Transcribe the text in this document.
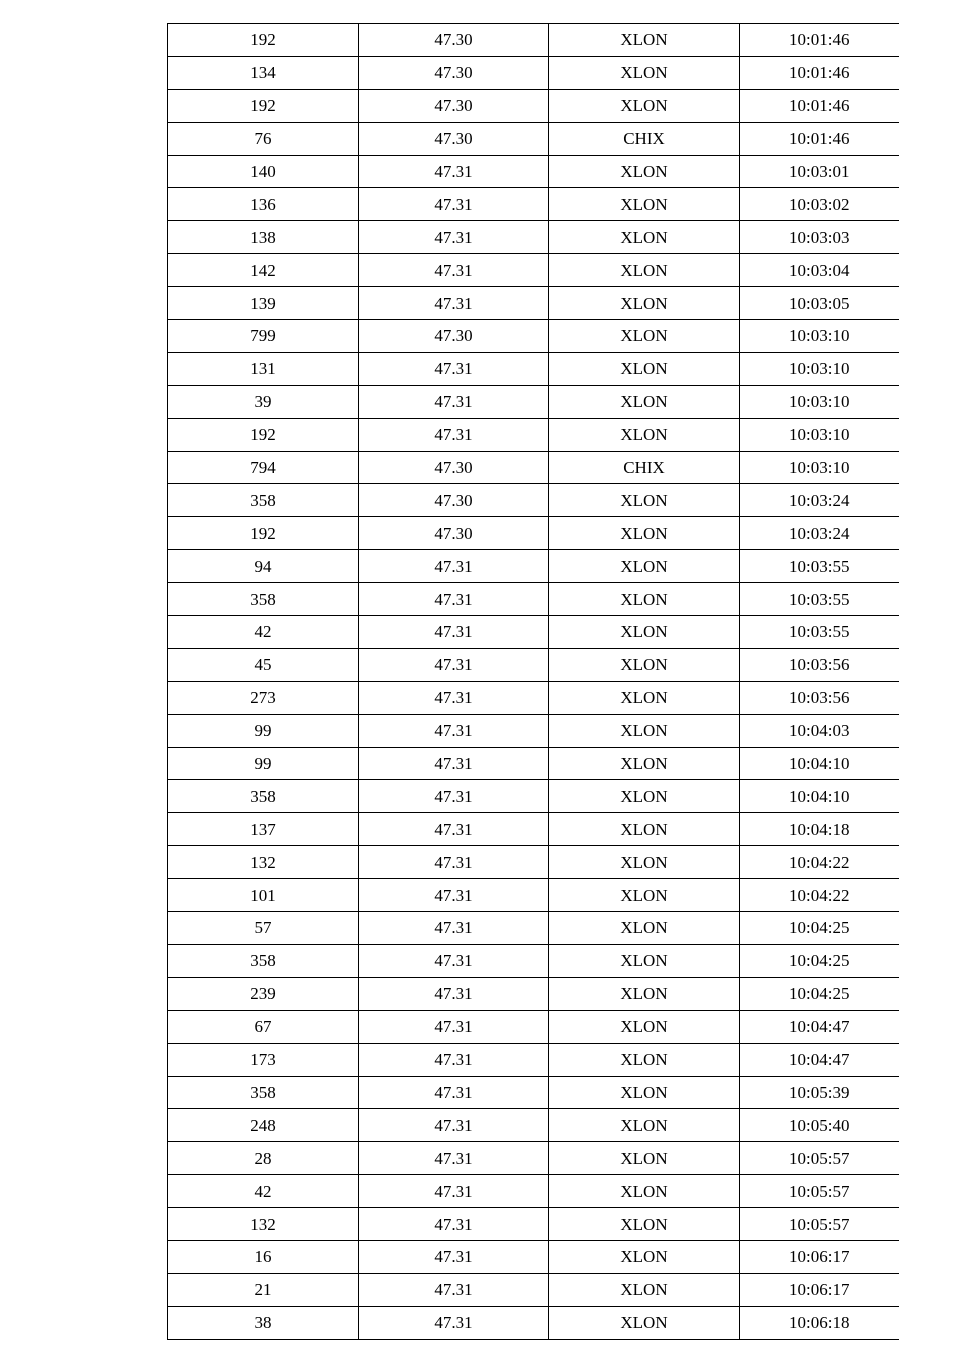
192	47.30	XLON	10:01:46
134	47.30	XLON	10:01:46
192	47.30	XLON	10:01:46
76	47.30	CHIX	10:01:46
140	47.31	XLON	10:03:01
136	47.31	XLON	10:03:02
138	47.31	XLON	10:03:03
142	47.31	XLON	10:03:04
139	47.31	XLON	10:03:05
799	47.30	XLON	10:03:10
131	47.31	XLON	10:03:10
39	47.31	XLON	10:03:10
192	47.31	XLON	10:03:10
794	47.30	CHIX	10:03:10
358	47.30	XLON	10:03:24
192	47.30	XLON	10:03:24
94	47.31	XLON	10:03:55
358	47.31	XLON	10:03:55
42	47.31	XLON	10:03:55
45	47.31	XLON	10:03:56
273	47.31	XLON	10:03:56
99	47.31	XLON	10:04:03
99	47.31	XLON	10:04:10
358	47.31	XLON	10:04:10
137	47.31	XLON	10:04:18
132	47.31	XLON	10:04:22
101	47.31	XLON	10:04:22
57	47.31	XLON	10:04:25
358	47.31	XLON	10:04:25
239	47.31	XLON	10:04:25
67	47.31	XLON	10:04:47
173	47.31	XLON	10:04:47
358	47.31	XLON	10:05:39
248	47.31	XLON	10:05:40
28	47.31	XLON	10:05:57
42	47.31	XLON	10:05:57
132	47.31	XLON	10:05:57
16	47.31	XLON	10:06:17
21	47.31	XLON	10:06:17
38	47.31	XLON	10:06:18
